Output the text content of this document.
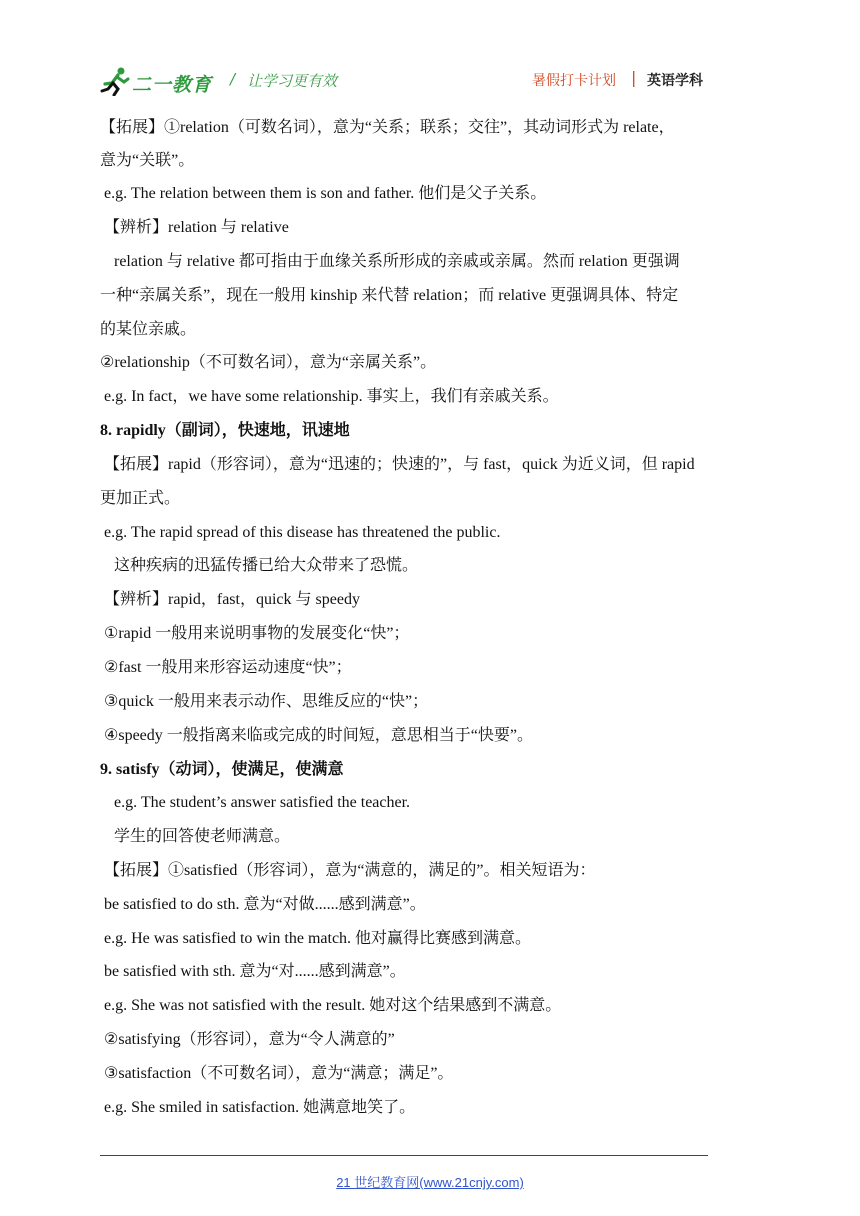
二一教育 / 让学习更有效	暑假打卡计划 | 英语学科
【拓展】①relation（可数名词），意为“关系；联系；交往”，其动词形式为 relate，
意为“关联”。
e.g. The relation between them is son and father. 他们是父子关系。
【辨析】relation 与 relative
relation 与 relative 都可指由于血缘关系所形成的亲戚或亲属。然而 relation 更强调
一种“亲属关系”，现在一般用 kinship 来代替 relation；而 relative 更强调具体、特定
的某位亲戚。
②relationship（不可数名词），意为“亲属关系”。
e.g. In fact，we have some relationship. 事实上，我们有亲戚关系。
8. rapidly（副词），快速地，讯速地
【拓展】rapid（形容词），意为“迅速的；快速的”，与 fast，quick 为近义词，但 rapid
更加正式。
e.g. The rapid spread of this disease has threatened the public.
这种疾病的迅猛传播已给大众带来了恐慌。
【辨析】rapid，fast，quick 与 speedy
①rapid 一般用来说明事物的发展变化“快”；
②fast 一般用来形容运动速度“快”；
③quick 一般用来表示动作、思维反应的“快”；
④speedy 一般指离来临或完成的时间短，意思相当于“快要”。
9. satisfy（动词），使满足，使满意
e.g. The student’s answer satisfied the teacher.
学生的回答使老师满意。
【拓展】①satisfied（形容词），意为“满意的，满足的”。相关短语为：
be satisfied to do sth. 意为“对做......感到满意”。
e.g. He was satisfied to win the match. 他对赢得比赛感到满意。
be satisfied with sth. 意为“对......感到满意”。
e.g. She was not satisfied with the result. 她对这个结果感到不满意。
②satisfying（形容词），意为“令人满意的”
③satisfaction（不可数名词），意为“满意；满足”。
e.g. She smiled in satisfaction. 她满意地笑了。
21 世纪教育网(www.21cnjy.com)
